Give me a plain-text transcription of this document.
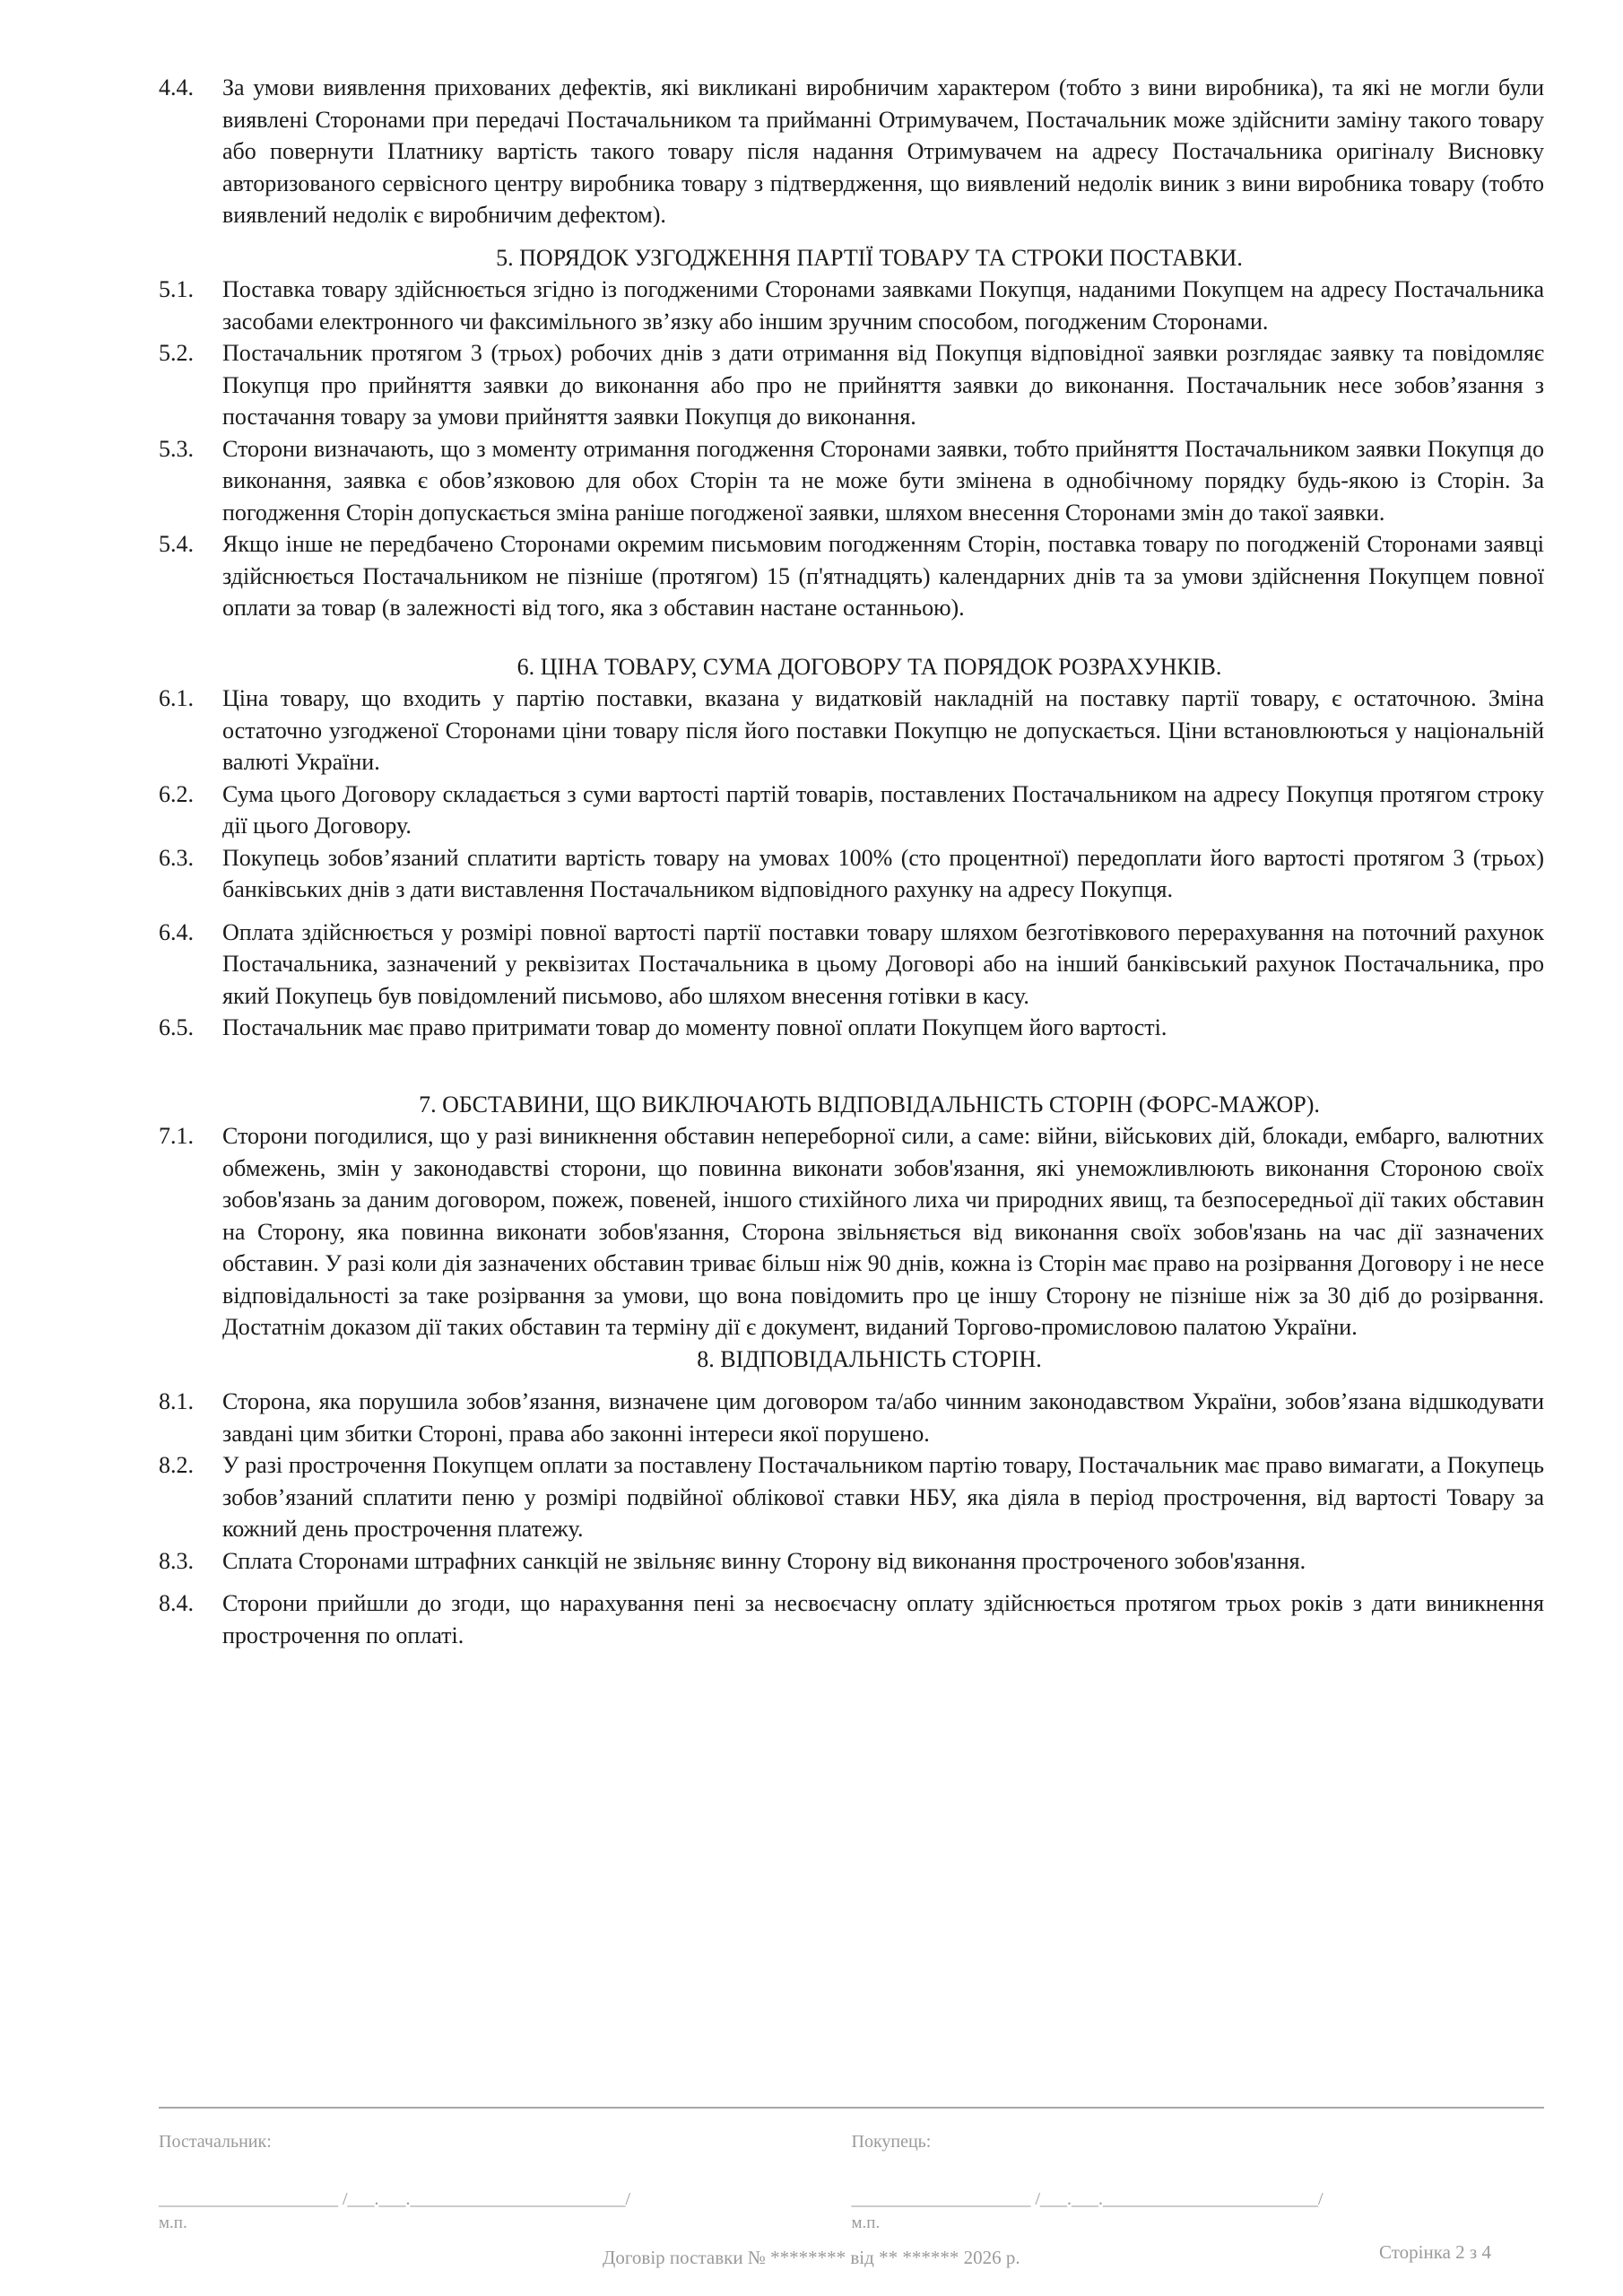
4.4.	За умови виявлення прихованих дефектів, які викликані виробничим характером (тобто з вини виробника), та які не могли були виявлені Сторонами при передачі Постачальником та прийманні Отримувачем, Постачальник може здійснити заміну такого товару або повернути Платнику вартість такого товару після надання Отримувачем на адресу Постачальника оригіналу Висновку авторизованого сервісного центру виробника товару з підтвердження, що виявлений недолік виник з вини виробника товару (тобто виявлений недолік є виробничим дефектом).
5. ПОРЯДОК УЗГОДЖЕННЯ ПАРТІЇ ТОВАРУ ТА СТРОКИ ПОСТАВКИ.
5.1.	Поставка товару здійснюється згідно із погодженими Сторонами заявками Покупця, наданими Покупцем на адресу Постачальника засобами електронного чи факсимільного зв’язку або іншим зручним способом, погодженим Сторонами.
5.2.	Постачальник протягом 3 (трьох) робочих днів з дати отримання від Покупця відповідної заявки розглядає заявку та повідомляє Покупця про прийняття заявки до виконання або про не прийняття заявки до виконання. Постачальник несе зобов’язання з постачання товару за умови прийняття заявки Покупця до виконання.
5.3.	Сторони визначають, що з моменту отримання погодження Сторонами заявки, тобто прийняття Постачальником заявки Покупця до виконання, заявка є обов’язковою для обох Сторін та не може бути змінена в однобічному порядку будь-якою із Сторін. За погодження Сторін допускається зміна раніше погодженої заявки, шляхом внесення Сторонами змін до такої заявки.
5.4.	Якщо інше не передбачено Сторонами окремим письмовим погодженням Сторін, поставка товару по погодженій Сторонами заявці здійснюється Постачальником не пізніше (протягом) 15 (п'ятнадцять) календарних днів та за умови здійснення Покупцем повної оплати за товар (в залежності від того, яка з обставин настане останньою).
6. ЦІНА ТОВАРУ, СУМА ДОГОВОРУ ТА ПОРЯДОК РОЗРАХУНКІВ.
6.1.	Ціна товару, що входить у партію поставки, вказана у видатковій накладній на поставку партії товару, є остаточною. Зміна остаточно узгодженої Сторонами ціни товару після його поставки Покупцю не допускається. Ціни встановлюються у національній валюті України.
6.2.	Сума цього Договору складається з суми вартості партій товарів, поставлених Постачальником на адресу Покупця протягом строку дії цього Договору.
6.3.	Покупець зобов’язаний сплатити вартість товару на умовах 100% (сто процентної) передоплати його вартості протягом 3 (трьох) банківських днів з дати виставлення Постачальником відповідного рахунку на адресу Покупця.
6.4.	Оплата здійснюється у розмірі повної вартості партії поставки товару шляхом безготівкового перерахування на поточний рахунок Постачальника, зазначений у реквізитах Постачальника в цьому Договорі або на інший банківський рахунок Постачальника, про який Покупець був повідомлений письмово, або шляхом внесення готівки в касу.
6.5.	Постачальник має право притримати товар до моменту повної оплати Покупцем його вартості.
7. ОБСТАВИНИ, ЩО ВИКЛЮЧАЮТЬ ВІДПОВІДАЛЬНІСТЬ СТОРІН (ФОРС-МАЖОР).
7.1.	Сторони погодилися, що у разі виникнення обставин непереборної сили, а саме: війни, військових дій, блокади, ембарго, валютних обмежень, змін у законодавстві сторони, що повинна виконати зобов'язання, які унеможливлюють виконання Стороною своїх зобов'язань за даним договором, пожеж, повеней, іншого стихійного лиха чи природних явищ, та безпосередньої дії таких обставин на Сторону, яка повинна виконати зобов'язання, Сторона звільняється від виконання своїх зобов'язань на час дії зазначених обставин. У разі коли дія зазначених обставин триває більш ніж 90 днів, кожна із Сторін має право на розірвання Договору і не несе відповідальності за таке розірвання за умови, що вона повідомить про це іншу Сторону не пізніше ніж за 30 діб до розірвання. Достатнім доказом дії таких обставин та терміну дії є документ, виданий Торгово-промисловою палатою України.
8. ВІДПОВІДАЛЬНІСТЬ СТОРІН.
8.1.	Сторона, яка порушила зобов’язання, визначене цим договором та/або чинним законодавством України, зобов’язана відшкодувати завдані цим збитки Стороні, права або законні інтереси якої порушено.
8.2.	У разі прострочення Покупцем оплати за поставлену Постачальником партію товару, Постачальник має право вимагати, а Покупець зобов’язаний сплатити пеню у розмірі подвійної облікової ставки НБУ, яка діяла в період прострочення, від вартості Товару за кожний день прострочення платежу.
8.3.	Сплата Сторонами штрафних санкцій не звільняє винну Сторону від виконання простроченого зобов'язання.
8.4.	Сторони прийшли до згоди, що нарахування пені за несвоєчасну оплату здійснюється протягом трьох років з дати виникнення прострочення по оплаті.
Постачальник:
____________________ /___.___.________________________/
м.п.
Покупець:
____________________ /___.___.________________________/
м.п.
Договір поставки № ******** від ** ****** 2026 р.	Сторінка 2 з 4
